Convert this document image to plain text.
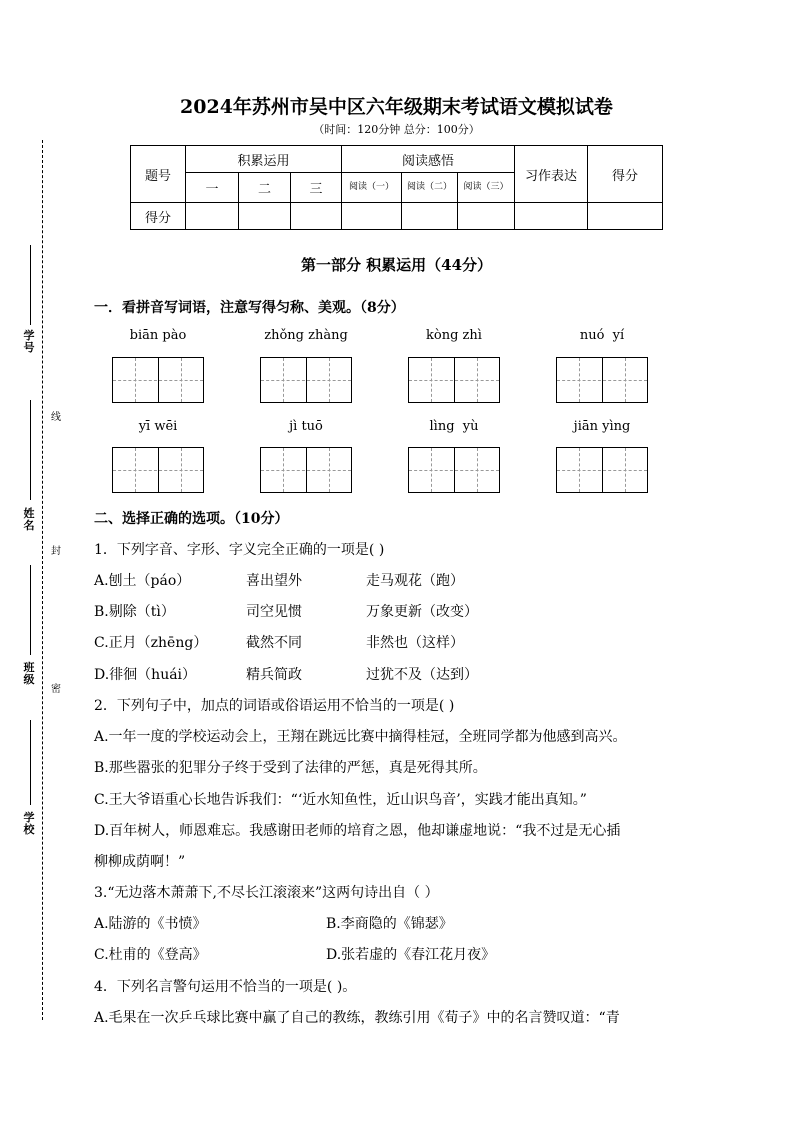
学号
姓名
班级
学校
线
封
密
2024年苏州市吴中区六年级期末考试语文模拟试卷
（时间：120分钟 总分：100分）
题号	积累运用			阅读感悟			习作表达	得分
	一	二	三	阅读（一）	阅读（二）	阅读（三）		
得分								
第一部分 积累运用（44分）
一．看拼音写词语，注意写得匀称、美观。（8分）
biān pào	zhǒng zhàng	kòng zhì	nuó  yí
yī wēi	jì tuō	lìng  yù	jiān yìng
二、选择正确的选项。（10分）
1．下列字音、字形、字义完全正确的一项是( )
A.刨土（páo）	喜出望外	走马观花（跑）
B.剔除（tì）	司空见惯	万象更新（改变）
C.正月（zhēng）	截然不同	非然也（这样）
D.徘徊（huái）	精兵简政	过犹不及（达到）
2．下列句子中，加点的词语或俗语运用不恰当的一项是( )
A.一年一度的学校运动会上，王翔在跳远比赛中摘得桂冠，全班同学都为他感到高兴。
B.那些嚣张的犯罪分子终于受到了法律的严惩，真是死得其所。
C.王大爷语重心长地告诉我们：“‘近水知鱼性，近山识鸟音’，实践才能出真知。”
D.百年树人，师恩难忘。我感谢田老师的培育之恩，他却谦虚地说：“我不过是无心插
柳柳成荫啊！”
3.“无边落木萧萧下,不尽长江滚滚来”这两句诗出自（ ）
A.陆游的《书愤》	B.李商隐的《锦瑟》
C.杜甫的《登高》	D.张若虚的《春江花月夜》
4．下列名言警句运用不恰当的一项是( )。
A.毛果在一次乒乓球比赛中赢了自己的教练，教练引用《荀子》中的名言赞叹道：“青
